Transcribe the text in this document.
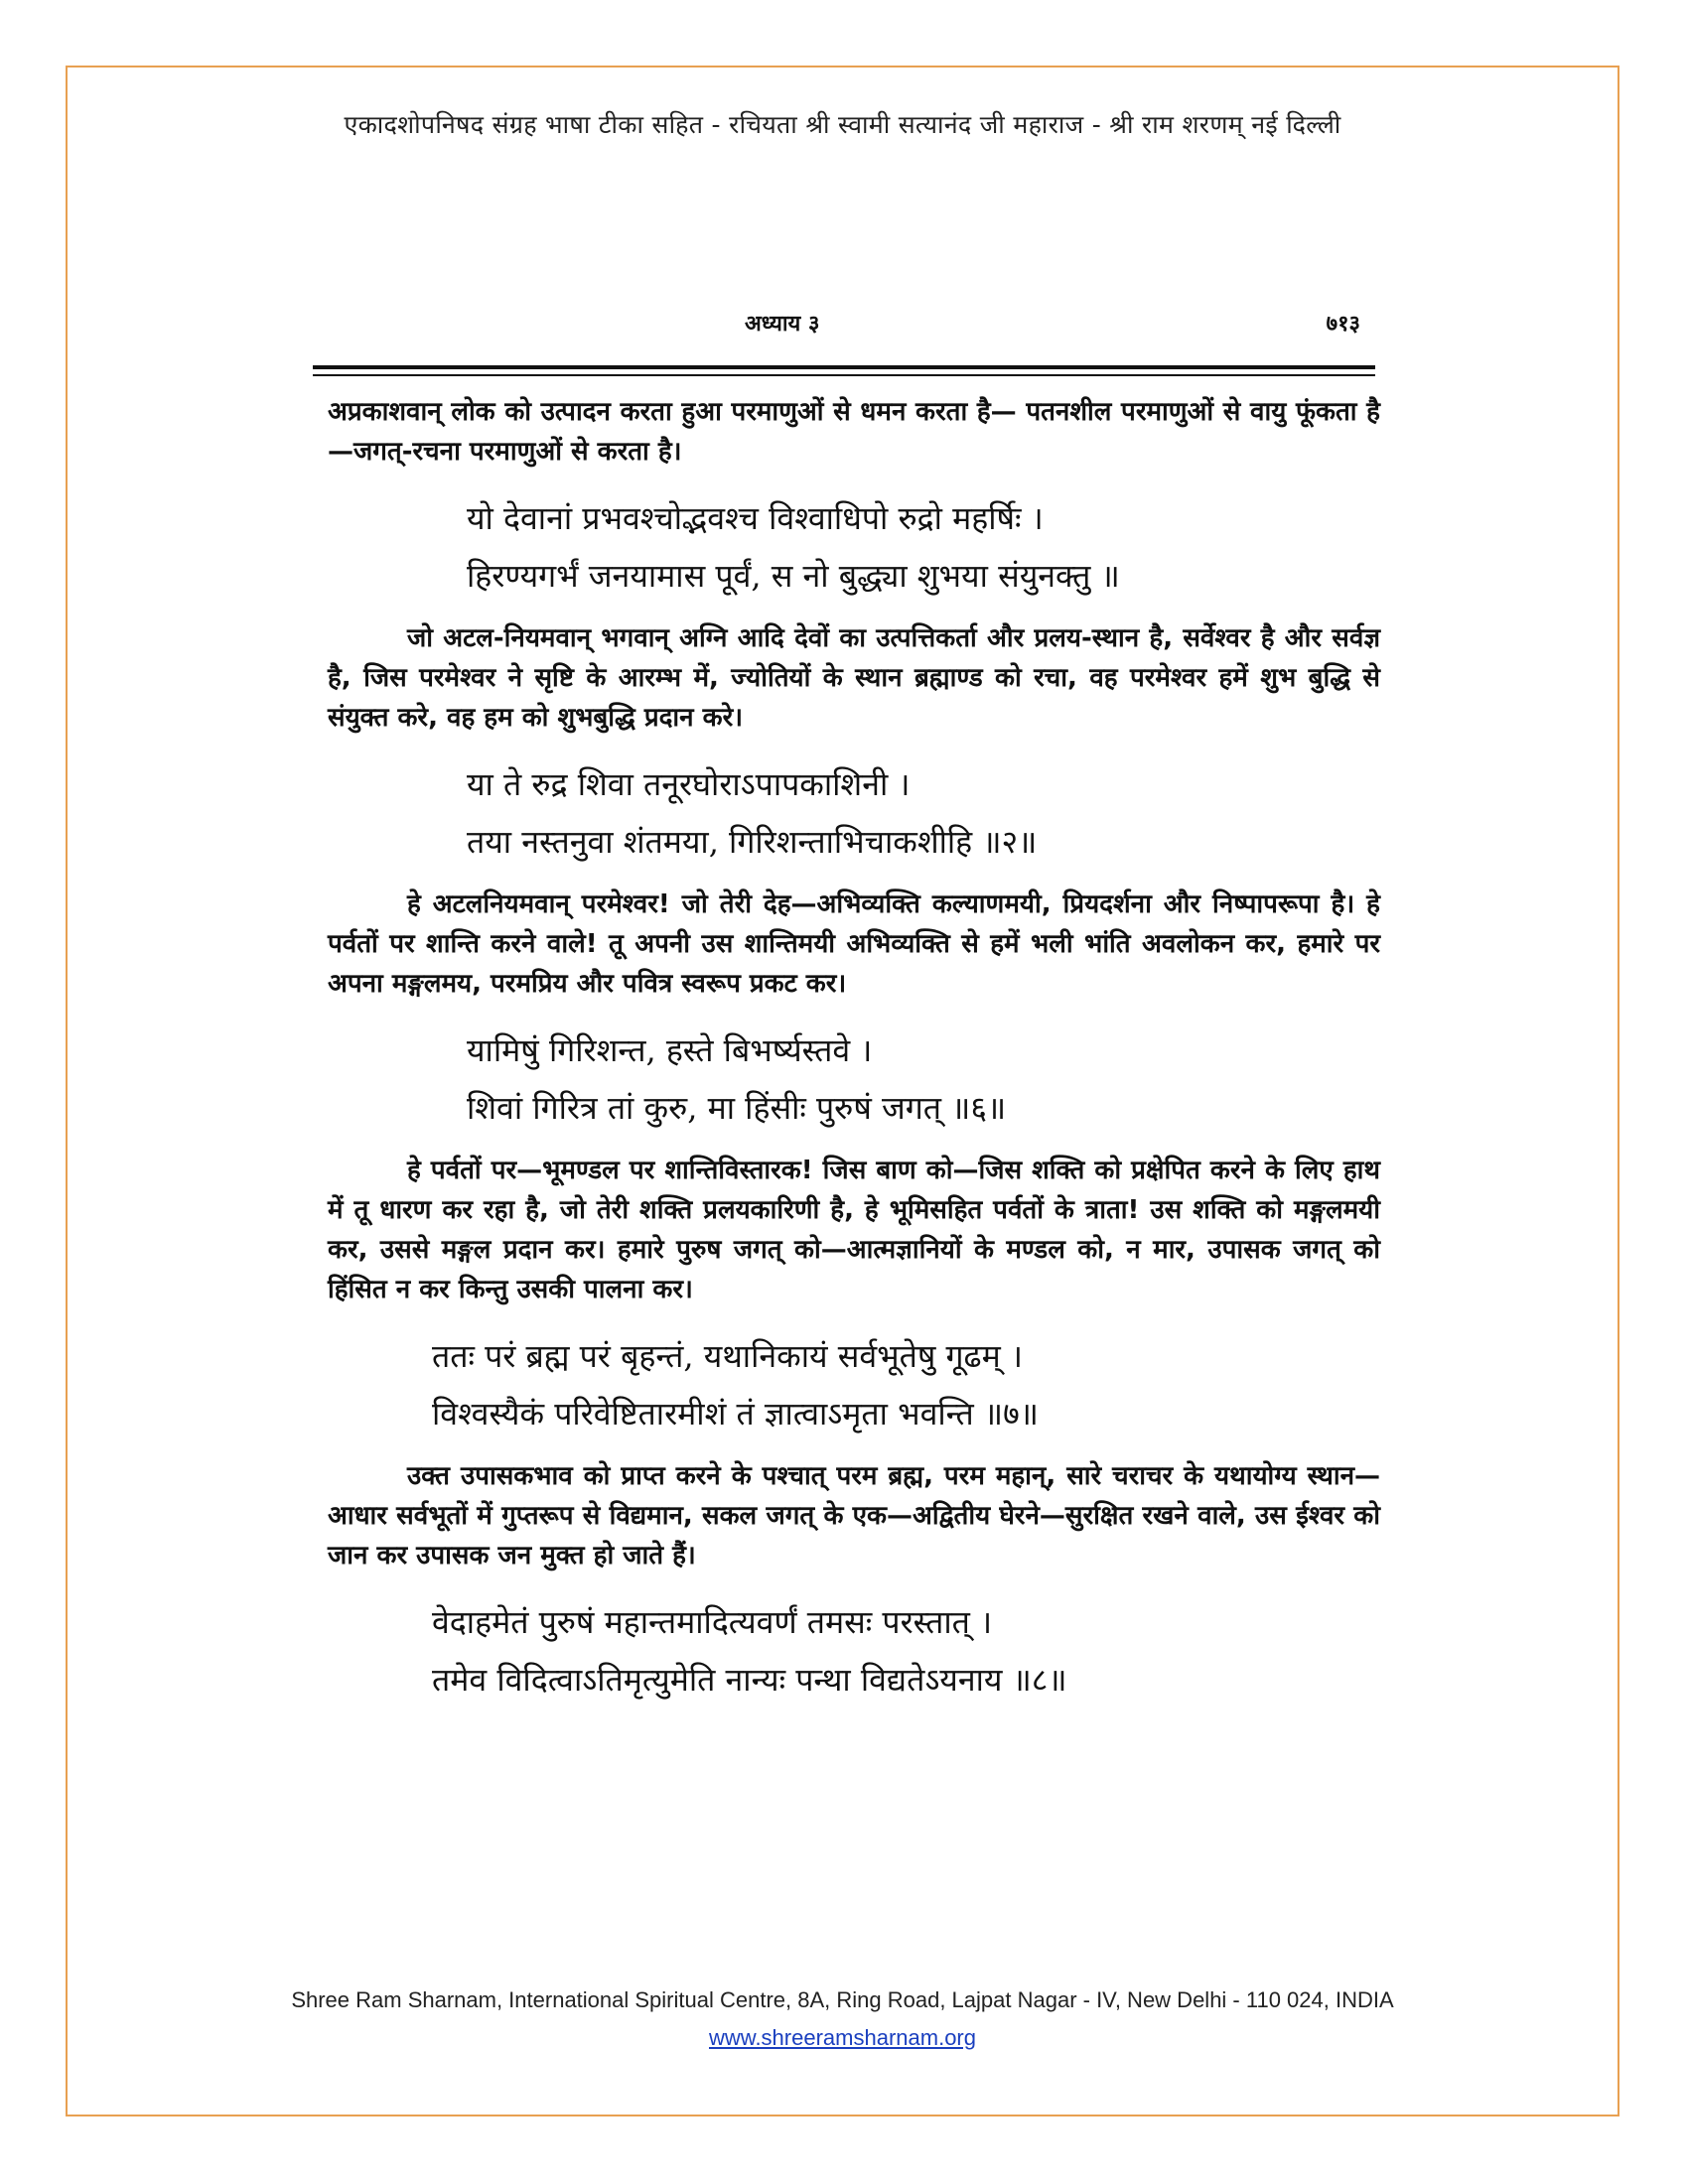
एकादशोपनिषद संग्रह भाषा टीका सहित - रचियता श्री स्वामी सत्यानंद जी महाराज - श्री राम शरणम् नई दिल्ली
अध्याय ३	७१३

अप्रकाशवान् लोक को उत्पादन करता हुआ परमाणुओं से धमन करता है— पतनशील परमाणुओं से वायु फूंकता है—जगत्-रचना परमाणुओं से करता है।

यो देवानां प्रभवश्चोद्भवश्च विश्वाधिपो रुद्रो महर्षिः ।
हिरण्यगर्भं जनयामास पूर्वं, स नो बुद्ध्या शुभया संयुनक्तु ॥

जो अटल-नियमवान् भगवान् अग्नि आदि देवों का उत्पत्तिकर्ता और प्रलय-स्थान है, सर्वेश्वर है और सर्वज्ञ है, जिस परमेश्वर ने सृष्टि के आरम्भ में, ज्योतियों के स्थान ब्रह्माण्ड को रचा, वह परमेश्वर हमें शुभ बुद्धि से संयुक्त करे, वह हम को शुभबुद्धि प्रदान करे।

या ते रुद्र शिवा तनूरघोराऽपापकाशिनी ।
तया नस्तनुवा शंतमया, गिरिशन्ताभिचाकशीहि ॥२॥

हे अटलनियमवान् परमेश्वर! जो तेरी देह—अभिव्यक्ति कल्याणमयी, प्रियदर्शना और निष्पापरूपा है। हे पर्वतों पर शान्ति करने वाले! तू अपनी उस शान्तिमयी अभिव्यक्ति से हमें भली भांति अवलोकन कर, हमारे पर अपना मङ्गलमय, परमप्रिय और पवित्र स्वरूप प्रकट कर।

यामिषुं गिरिशन्त, हस्ते बिभर्ष्यस्तवे ।
शिवां गिरित्र तां कुरु, मा हिंसीः पुरुषं जगत् ॥६॥

हे पर्वतों पर—भूमण्डल पर शान्तिविस्तारक! जिस बाण को—जिस शक्ति को प्रक्षेपित करने के लिए हाथ में तू धारण कर रहा है, जो तेरी शक्ति प्रलयकारिणी है, हे भूमिसहित पर्वतों के त्राता! उस शक्ति को मङ्गलमयी कर, उससे मङ्गल प्रदान कर। हमारे पुरुष जगत् को—आत्मज्ञानियों के मण्डल को, न मार, उपासक जगत् को हिंसित न कर किन्तु उसकी पालना कर।

ततः परं ब्रह्म परं बृहन्तं, यथानिकायं सर्वभूतेषु गूढम् ।
विश्वस्यैकं परिवेष्टितारमीशं तं ज्ञात्वाऽमृता भवन्ति ॥७॥

उक्त उपासकभाव को प्राप्त करने के पश्चात् परम ब्रह्म, परम महान्, सारे चराचर के यथायोग्य स्थान—आधार सर्वभूतों में गुप्तरूप से विद्यमान, सकल जगत् के एक—अद्वितीय घेरने—सुरक्षित रखने वाले, उस ईश्वर को जान कर उपासक जन मुक्त हो जाते हैं।

वेदाहमेतं पुरुषं महान्तमादित्यवर्णं तमसः परस्तात् ।
तमेव विदित्वाऽतिमृत्युमेति नान्यः पन्था विद्यतेऽयनाय ॥८॥
Shree Ram Sharnam, International Spiritual Centre, 8A, Ring Road, Lajpat Nagar - IV, New Delhi - 110 024, INDIA
www.shreeramsharnam.org
